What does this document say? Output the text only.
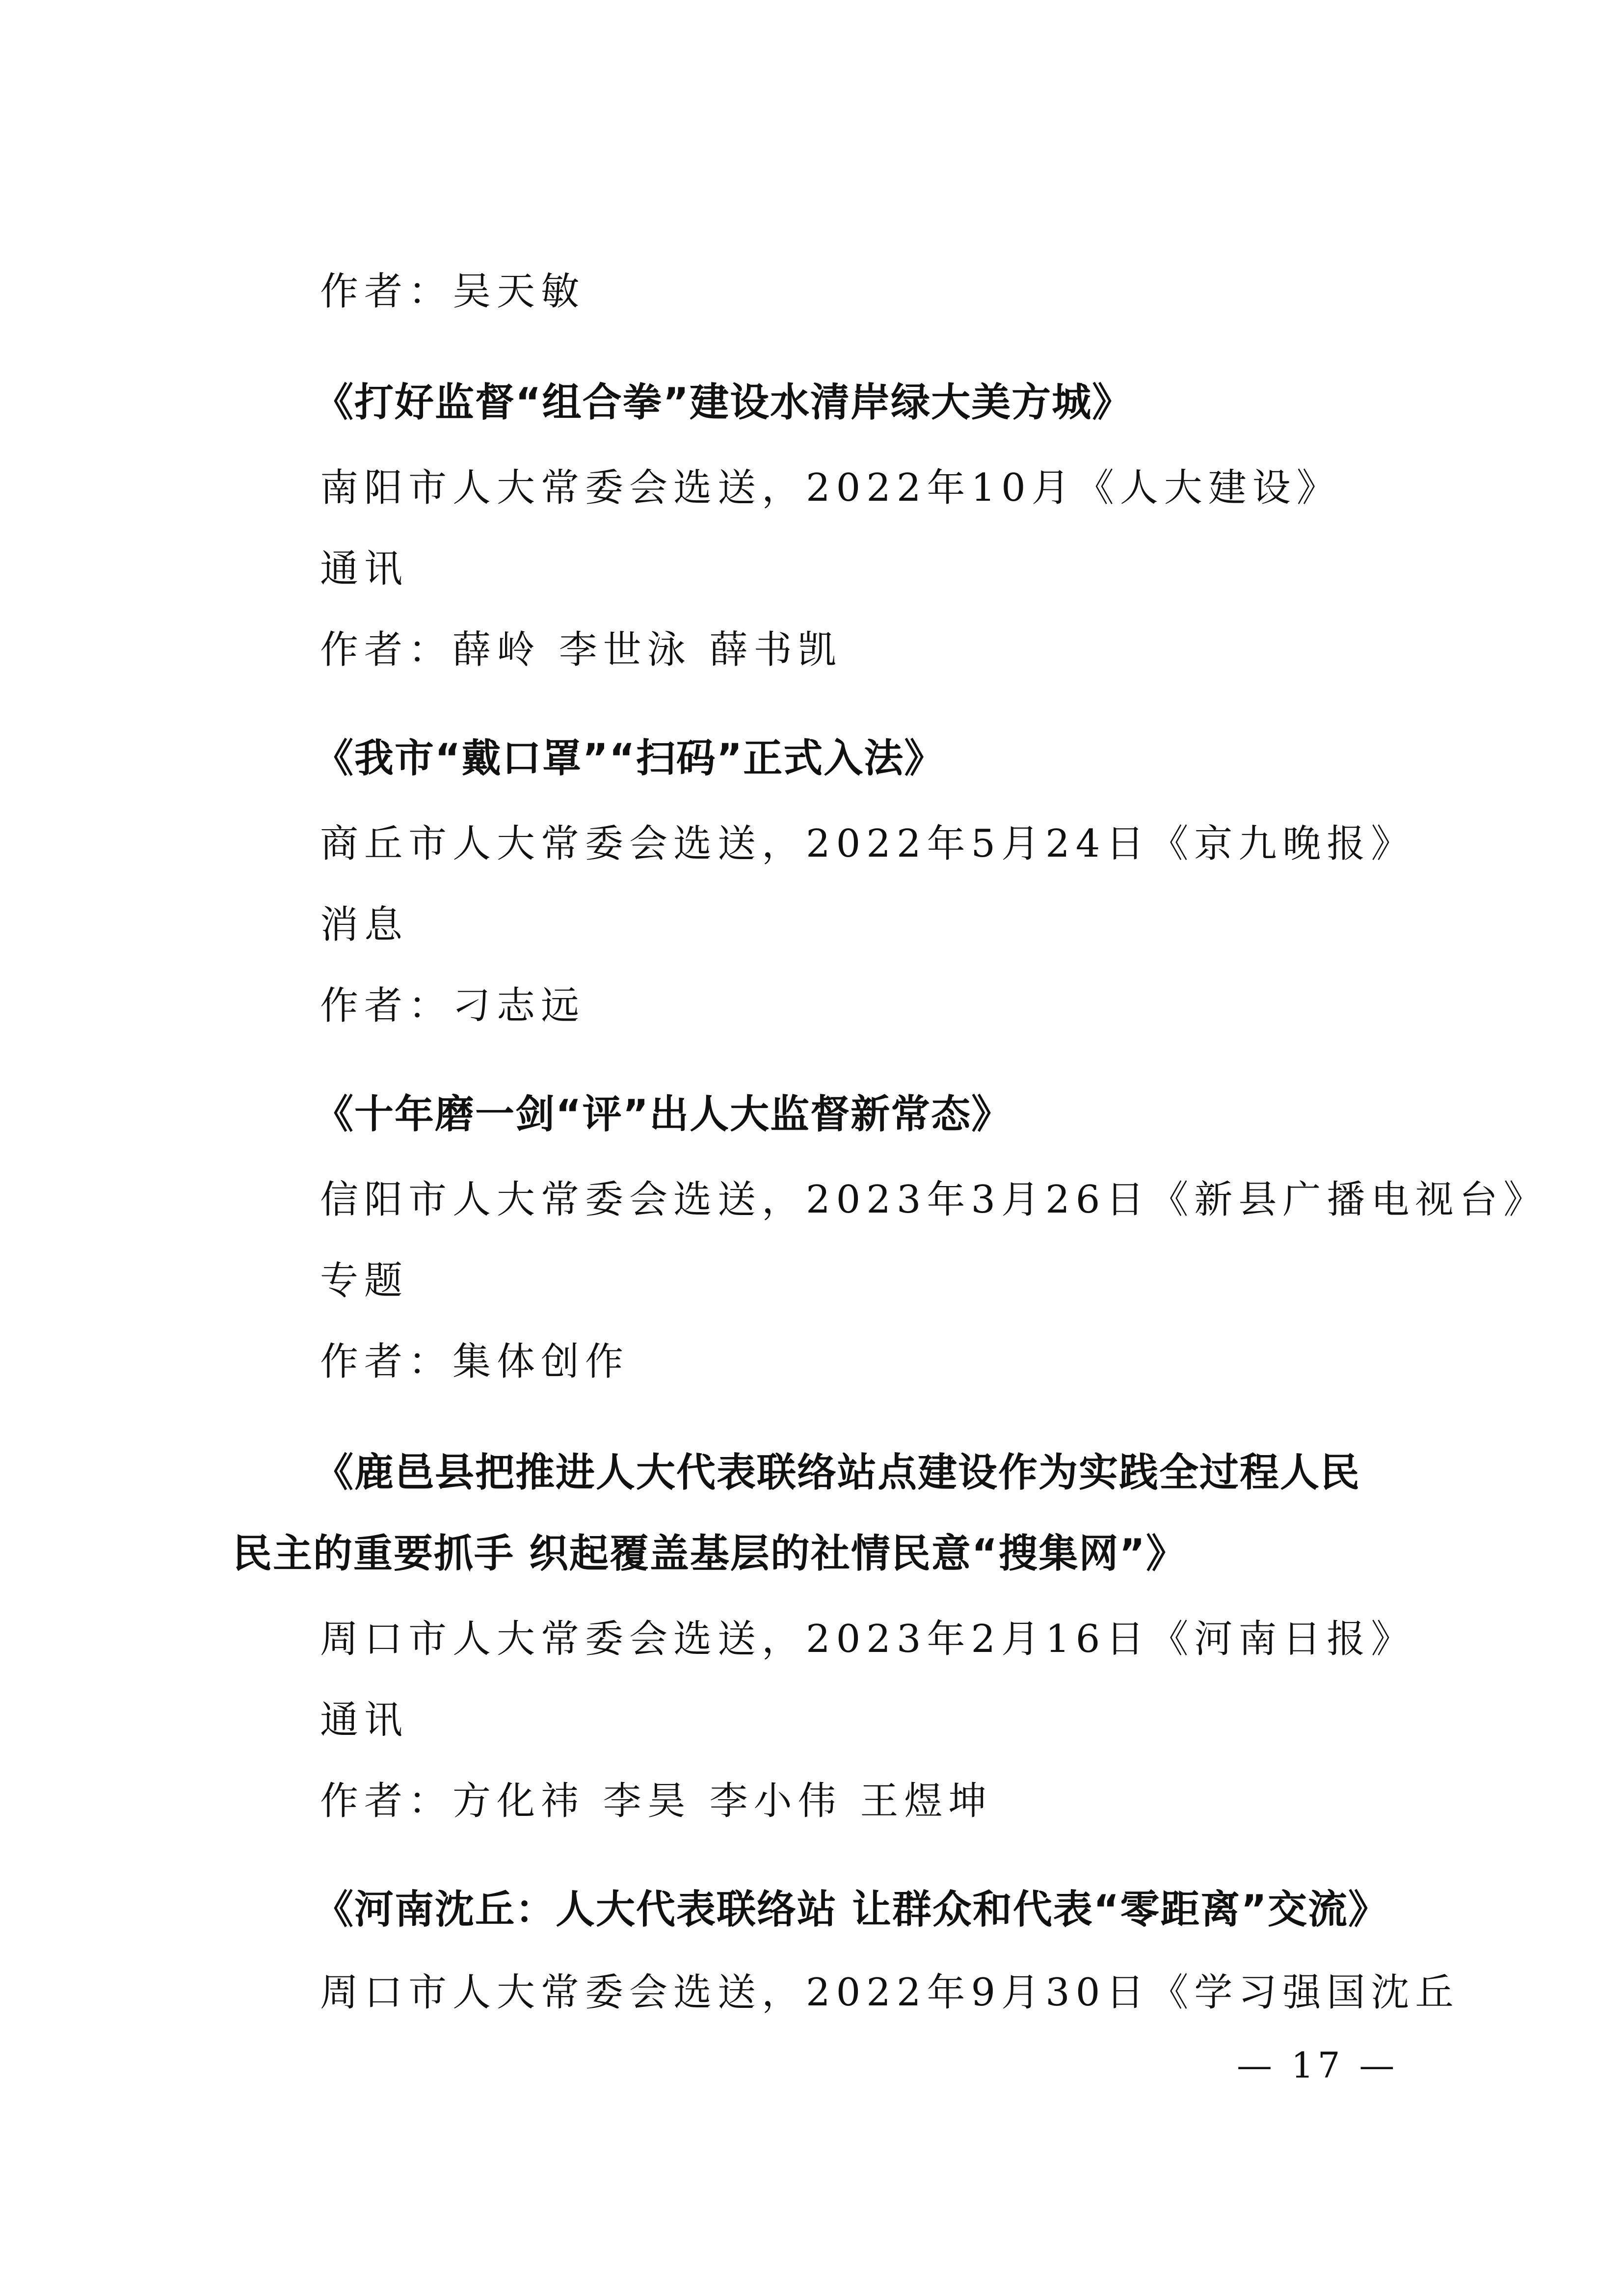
作者：吴天敏
《打好监督“组合拳”建设水清岸绿大美方城》
南阳市人大常委会选送，2022年10月《人大建设》
通讯
作者：薛岭 李世泳 薛书凯
《我市“戴口罩”“扫码”正式入法》
商丘市人大常委会选送，2022年5月24日《京九晚报》
消息
作者：刁志远
《十年磨一剑“评”出人大监督新常态》
信阳市人大常委会选送，2023年3月26日《新县广播电视台》
专题
作者：集体创作
《鹿邑县把推进人大代表联络站点建设作为实践全过程人民
民主的重要抓手 织起覆盖基层的社情民意“搜集网”》
周口市人大常委会选送，2023年2月16日《河南日报》
通讯
作者：方化祎 李昊 李小伟 王煜坤
《河南沈丘：人大代表联络站 让群众和代表“零距离”交流》
周口市人大常委会选送，2022年9月30日《学习强国沈丘
— 17 —
